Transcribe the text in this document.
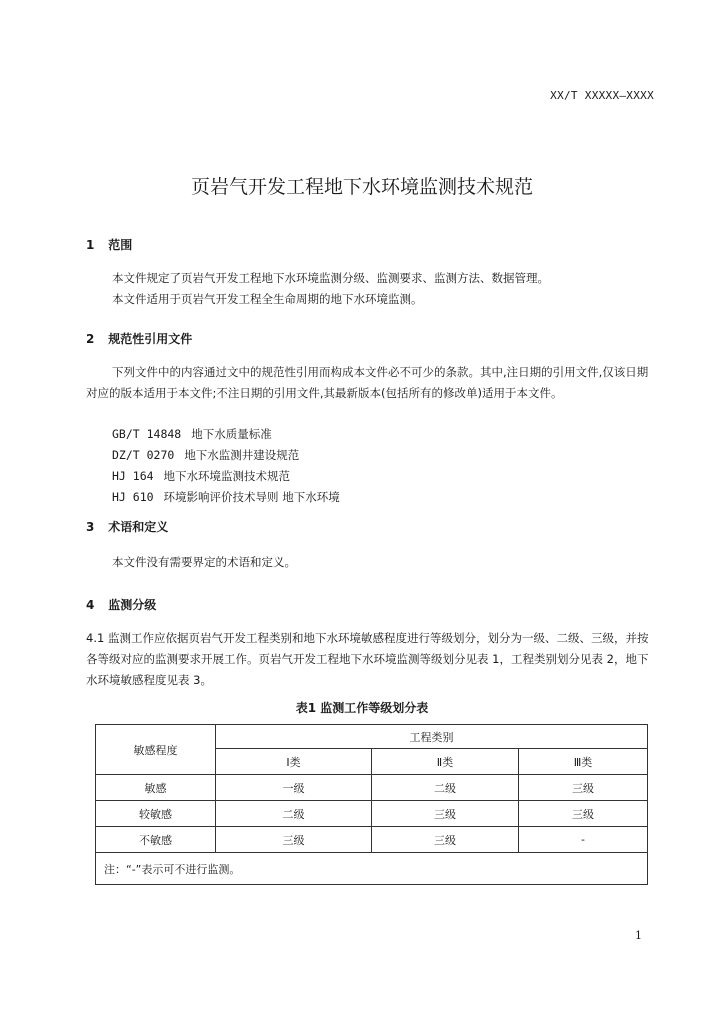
XX/T XXXXX—XXXX
页岩气开发工程地下水环境监测技术规范
1 范围
本文件规定了页岩气开发工程地下水环境监测分级、监测要求、监测方法、数据管理。
本文件适用于页岩气开发工程全生命周期的地下水环境监测。
2 规范性引用文件
下列文件中的内容通过文中的规范性引用而构成本文件必不可少的条款。其中,注日期的引用文件,仅该日期对应的版本适用于本文件;不注日期的引用文件,其最新版本(包括所有的修改单)适用于本文件。
GB/T 14848 地下水质量标准
DZ/T 0270 地下水监测井建设规范
HJ 164 地下水环境监测技术规范
HJ 610 环境影响评价技术导则 地下水环境
3 术语和定义
本文件没有需要界定的术语和定义。
4 监测分级
4.1 监测工作应依据页岩气开发工程类别和地下水环境敏感程度进行等级划分，划分为一级、二级、三级，并按各等级对应的监测要求开展工作。页岩气开发工程地下水环境监测等级划分见表 1，工程类别划分见表 2，地下水环境敏感程度见表 3。
表1 监测工作等级划分表
敏感程度	工程类别		
	Ⅰ类	Ⅱ类	Ⅲ类
敏感	一级	二级	三级
较敏感	二级	三级	三级
不敏感	三级	三级	-
注：“-”表示可不进行监测。			
1
